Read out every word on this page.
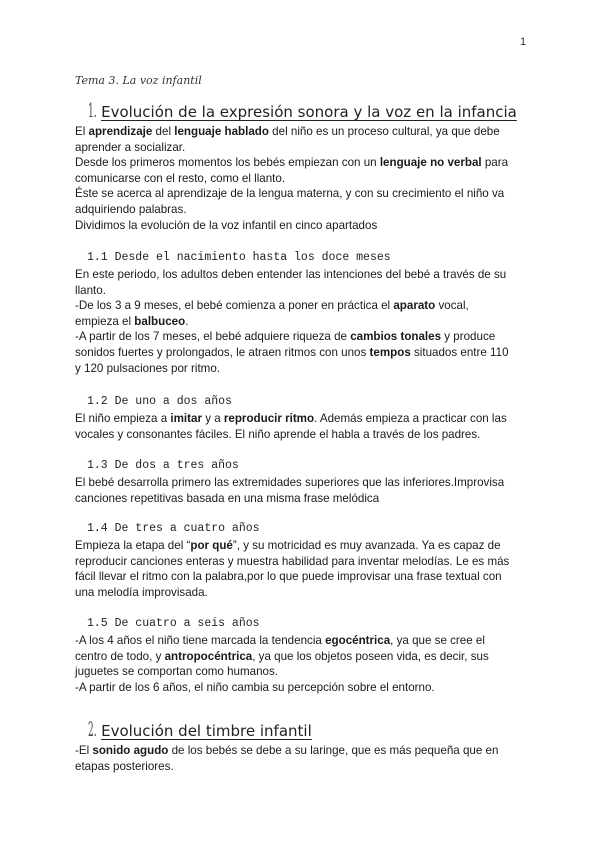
1
Tema 3. La voz infantil
1. Evolución de la expresión sonora y la voz en la infancia
El aprendizaje del lenguaje hablado del niño es un proceso cultural, ya que debe
aprender a socializar.
Desde los primeros momentos los bebés empiezan con un lenguaje no verbal para
comunicarse con el resto, como el llanto.
Éste se acerca al aprendizaje de la lengua materna, y con su crecimiento el niño va
adquiriendo palabras.
Dividimos la evolución de la voz infantil en cinco apartados
1.1 Desde el nacimiento hasta los doce meses
En este periodo, los adultos deben entender las intenciones del bebé a través de su
llanto.
-De los 3 a 9 meses, el bebé comienza a poner en práctica el aparato vocal,
empieza el balbuceo.
-A partir de los 7 meses, el bebé adquiere riqueza de cambios tonales y produce
sonidos fuertes y prolongados, le atraen ritmos con unos tempos situados entre 110
y 120 pulsaciones por ritmo.
1.2 De uno a dos años
El niño empieza a imitar y a reproducir ritmo. Además empieza a practicar con las
vocales y consonantes fáciles. El niño aprende el habla a través de los padres.
1.3 De dos a tres años
El bebé desarrolla primero las extremidades superiores que las inferiores.Improvisa
canciones repetitivas basada en una misma frase melódica
1.4 De tres a cuatro años
Empieza la etapa del “por qué”, y su motricidad es muy avanzada. Ya es capaz de
reproducir canciones enteras y muestra habilidad para inventar melodías. Le es más
fácil llevar el ritmo con la palabra,por lo que puede improvisar una frase textual con
una melodía improvisada.
1.5 De cuatro a seis años
-A los 4 años el niño tiene marcada la tendencia egocéntrica, ya que se cree el
centro de todo, y antropocéntrica, ya que los objetos poseen vida, es decir, sus
juguetes se comportan como humanos.
-A partir de los 6 años, el niño cambia su percepción sobre el entorno.
2. Evolución del timbre infantil
-El sonido agudo de los bebés se debe a su laringe, que es más pequeña que en
etapas posteriores.
